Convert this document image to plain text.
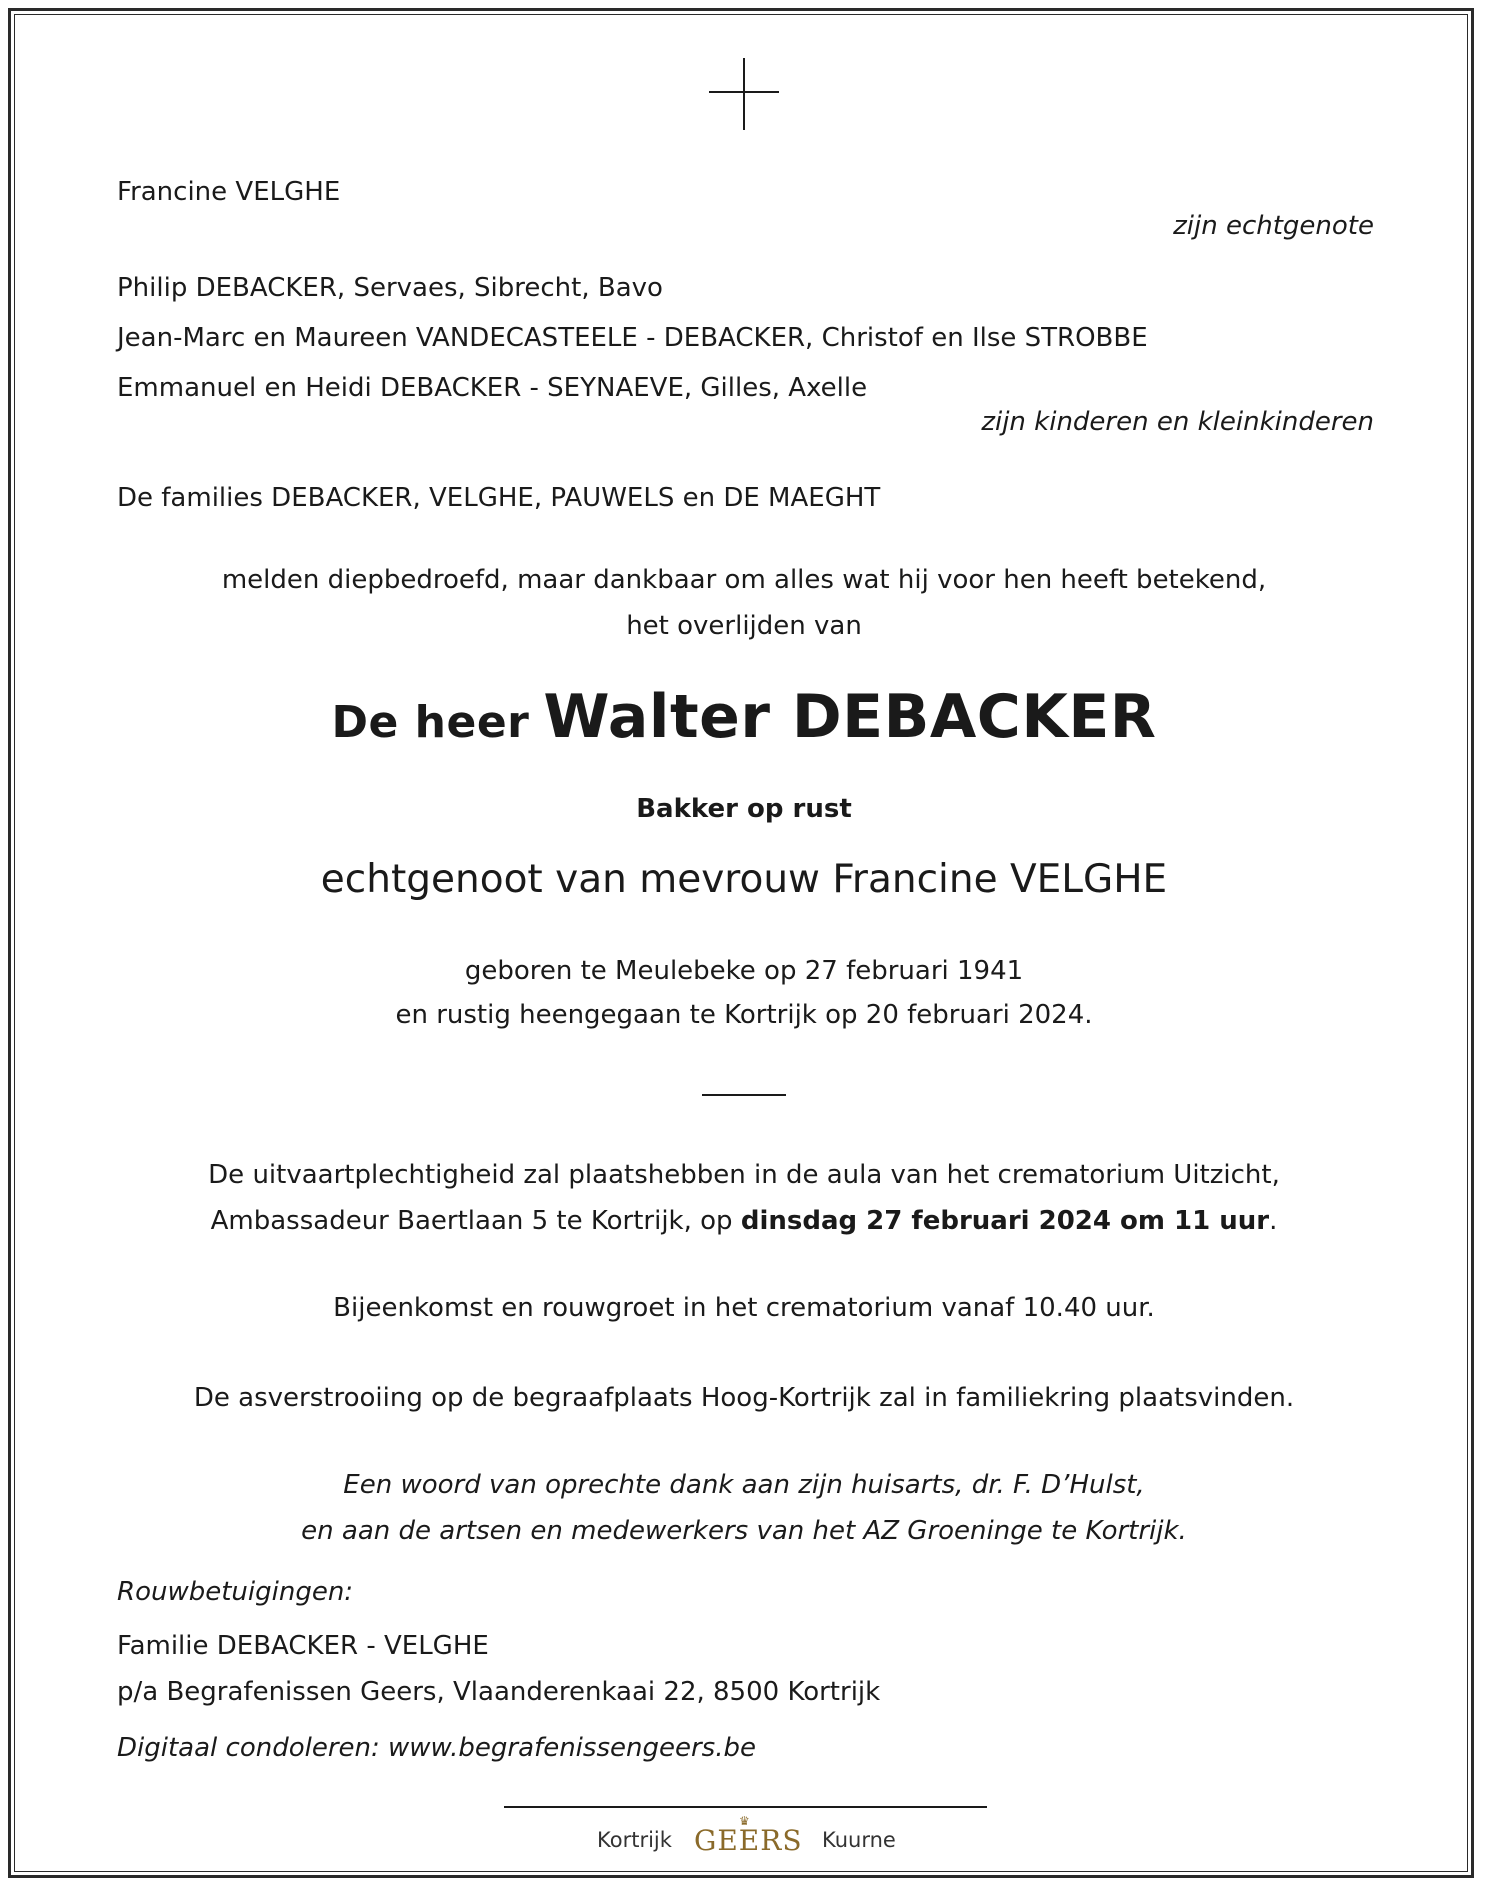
Francine VELGHE
zijn echtgenote
Philip DEBACKER, Servaes, Sibrecht, Bavo
Jean-Marc en Maureen VANDECASTEELE - DEBACKER, Christof en Ilse STROBBE
Emmanuel en Heidi DEBACKER - SEYNAEVE, Gilles, Axelle
zijn kinderen en kleinkinderen
De families DEBACKER, VELGHE, PAUWELS en DE MAEGHT
melden diepbedroefd, maar dankbaar om alles wat hij voor hen heeft betekend,
het overlijden van
De heer Walter DEBACKER
Bakker op rust
echtgenoot van mevrouw Francine VELGHE
geboren te Meulebeke op 27 februari 1941
en rustig heengegaan te Kortrijk op 20 februari 2024.
De uitvaartplechtigheid zal plaatshebben in de aula van het crematorium Uitzicht,
Ambassadeur Baertlaan 5 te Kortrijk, op dinsdag 27 februari 2024 om 11 uur.
Bijeenkomst en rouwgroet in het crematorium vanaf 10.40 uur.
De asverstrooiing op de begraafplaats Hoog-Kortrijk zal in familiekring plaatsvinden.
Een woord van oprechte dank aan zijn huisarts, dr. F. D’Hulst,
en aan de artsen en medewerkers van het AZ Groeninge te Kortrijk.
Rouwbetuigingen:
Familie DEBACKER - VELGHE
p/a Begrafenissen Geers, Vlaanderenkaai 22, 8500 Kortrijk
Digitaal condoleren: www.begrafenissengeers.be
Kortrijk
♛
GEERS Kuurne
